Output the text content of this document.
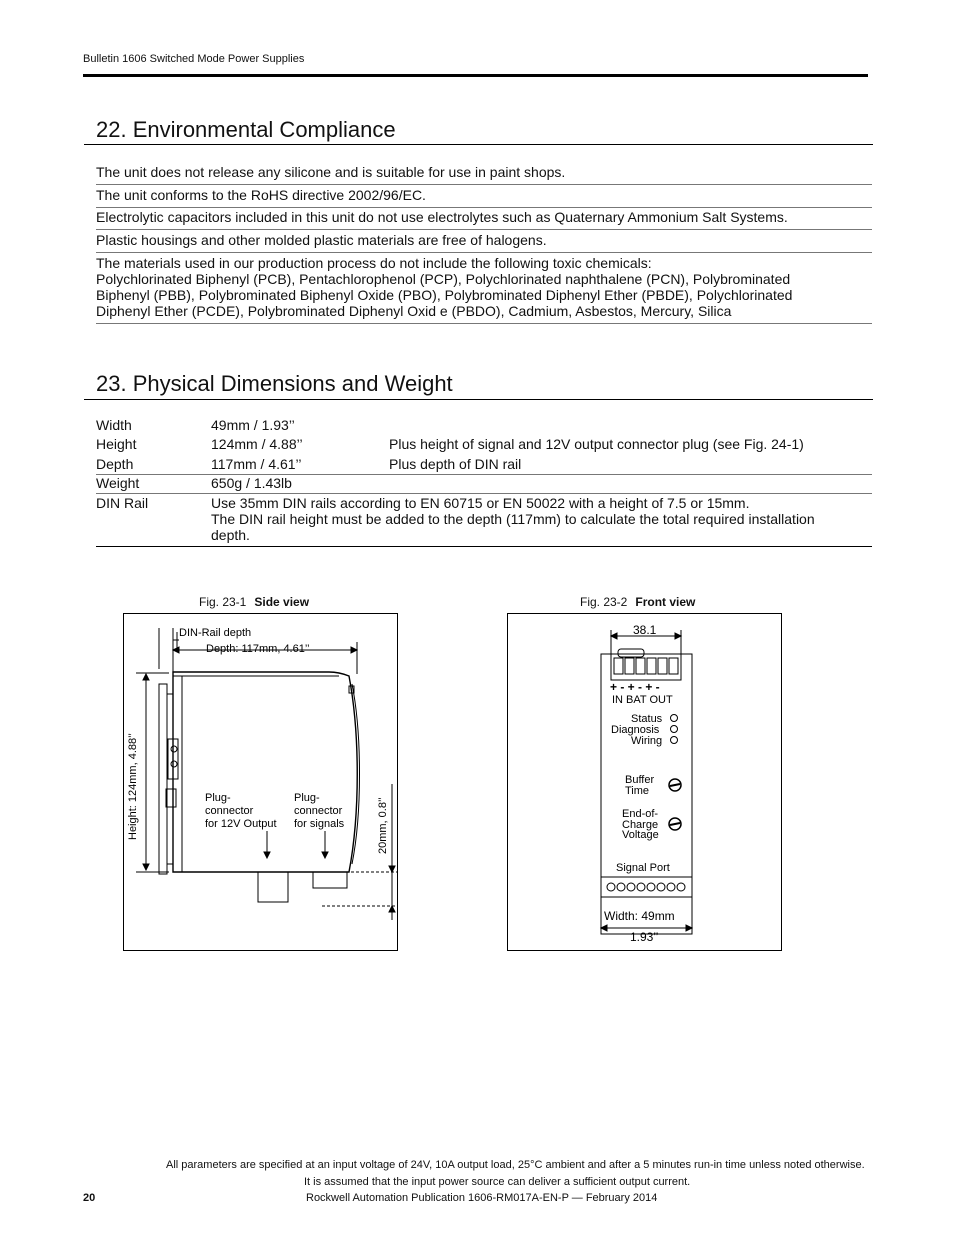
Bulletin 1606 Switched Mode Power Supplies
22. Environmental Compliance
The unit does not release any silicone and is suitable for use in paint shops.
The unit conforms to the RoHS directive 2002/96/EC.
Electrolytic capacitors included in this unit do not use electrolytes such as Quaternary Ammonium Salt Systems.
Plastic housings and other molded plastic materials are free of halogens.
The materials used in our production process do not include the following toxic chemicals:
Polychlorinated Biphenyl (PCB), Pentachlorophenol (PCP), Polychlorinated naphthalene (PCN), Polybrominated
Biphenyl (PBB), Polybrominated Biphenyl Oxide (PBO), Polybrominated Diphenyl Ether (PBDE), Polychlorinated
Diphenyl Ether (PCDE), Polybrominated Diphenyl Oxid e (PBDO), Cadmium, Asbestos, Mercury, Silica
23. Physical Dimensions and Weight
Width	49mm / 1.93’’
Height	124mm / 4.88’’	Plus height of signal and 12V output connector plug (see Fig. 24-1)
Depth	117mm / 4.61’’	Plus depth of DIN rail
Weight	650g / 1.43lb
DIN Rail	Use 35mm DIN rails according to EN 60715 or EN 50022 with a height of 7.5 or 15mm.
The DIN rail height must be added to the depth (117mm) to calculate the total required installation
depth.
Fig. 23-1 Side view
DIN-Rail depth
Depth: 117mm, 4.61’’
Height: 124mm, 4.88’’	Plug-
connector
for 12V Output
Plug-
connector
for signals	20mm, 0.8’’
Fig. 23-2 Front view
38.1
+ - + - + -
IN BAT OUT
Status
Diagnosis
Wiring
Buffer
Time
End-of-
Charge
Voltage
Signal Port
Width: 49mm
1.93’’
All parameters are specified at an input voltage of 24V, 10A output load, 25°C ambient and after a 5 minutes run-in time unless noted otherwise.
It is assumed that the input power source can deliver a sufficient output current.
20	Rockwell Automation Publication 1606-RM017A-EN-P — February 2014
